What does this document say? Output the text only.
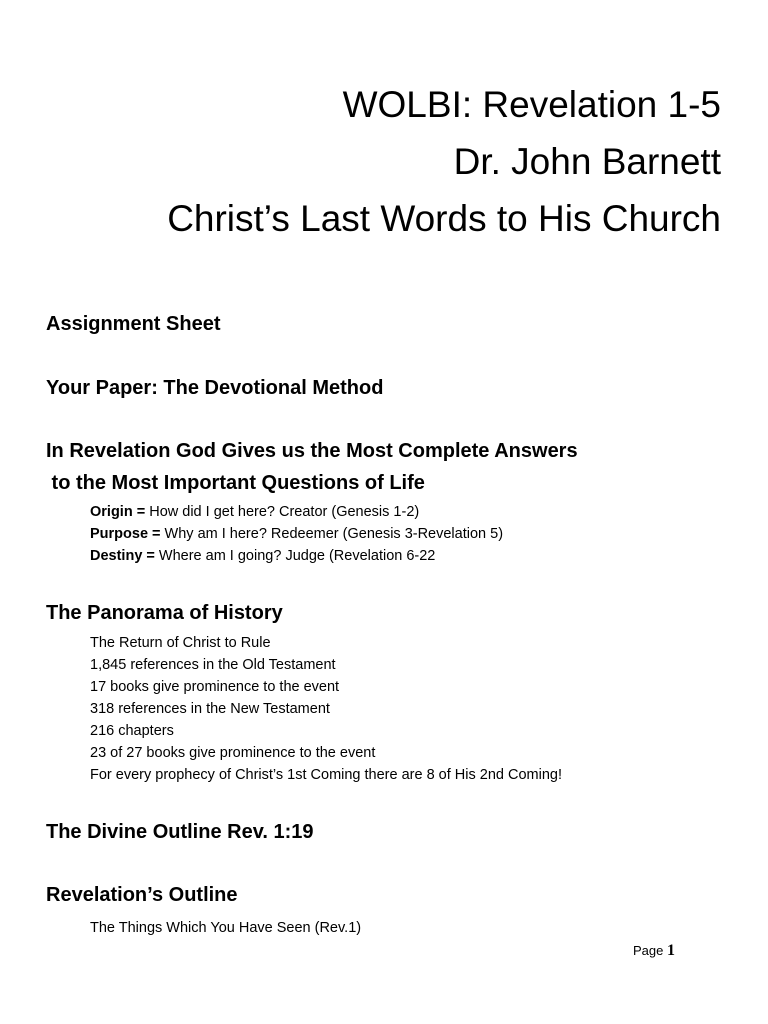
WOLBI: Revelation 1-5
Dr. John Barnett
Christ’s Last Words to His Church

Assignment Sheet

Your Paper: The Devotional Method

In Revelation God Gives us the Most Complete Answers

to the Most Important Questions of Life

Origin = How did I get here? Creator (Genesis 1-2)
Purpose = Why am I here? Redeemer (Genesis 3-Revelation 5)
Destiny = Where am I going? Judge (Revelation 6-22

The Panorama of History

The Return of Christ to Rule
1,845 references in the Old Testament
17 books give prominence to the event
318 references in the New Testament
216 chapters
23 of 27 books give prominence to the event
For every prophecy of Christ’s 1st Coming there are 8 of His 2nd Coming!

The Divine Outline Rev. 1:19

Revelation’s Outline

The Things Which You Have Seen (Rev.1)
Page 1
